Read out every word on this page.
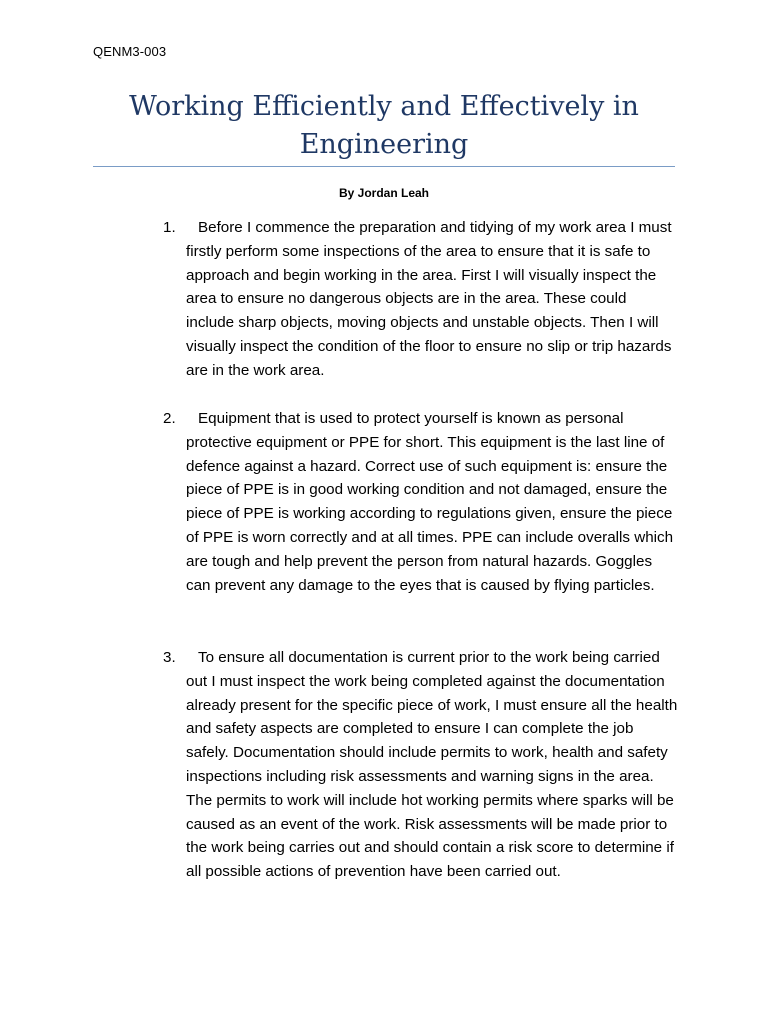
QENM3-003
Working Efficiently and Effectively in Engineering
By Jordan Leah
1.	Before I commence the preparation and tidying of my work area I must firstly perform some inspections of the area to ensure that it is safe to approach and begin working in the area. First I will visually inspect the area to ensure no dangerous objects are in the area. These could include sharp objects, moving objects and unstable objects. Then I will visually inspect the condition of the floor to ensure no slip or trip hazards are in the work area.
2.	Equipment that is used to protect yourself is known as personal protective equipment or PPE for short. This equipment is the last line of defence against a hazard. Correct use of such equipment is: ensure the piece of PPE is in good working condition and not damaged, ensure the piece of PPE is working according to regulations given, ensure the piece of PPE is worn correctly and at all times. PPE can include overalls which are tough and help prevent the person from natural hazards. Goggles can prevent any damage to the eyes that is caused by flying particles.
3.	To ensure all documentation is current prior to the work being carried out I must inspect the work being completed against the documentation already present for the specific piece of work, I must ensure all the health and safety aspects are completed to ensure I can complete the job safely. Documentation should include permits to work, health and safety inspections including risk assessments and warning signs in the area. The permits to work will include hot working permits where sparks will be caused as an event of the work. Risk assessments will be made prior to the work being carries out and should contain a risk score to determine if all possible actions of prevention have been carried out.
